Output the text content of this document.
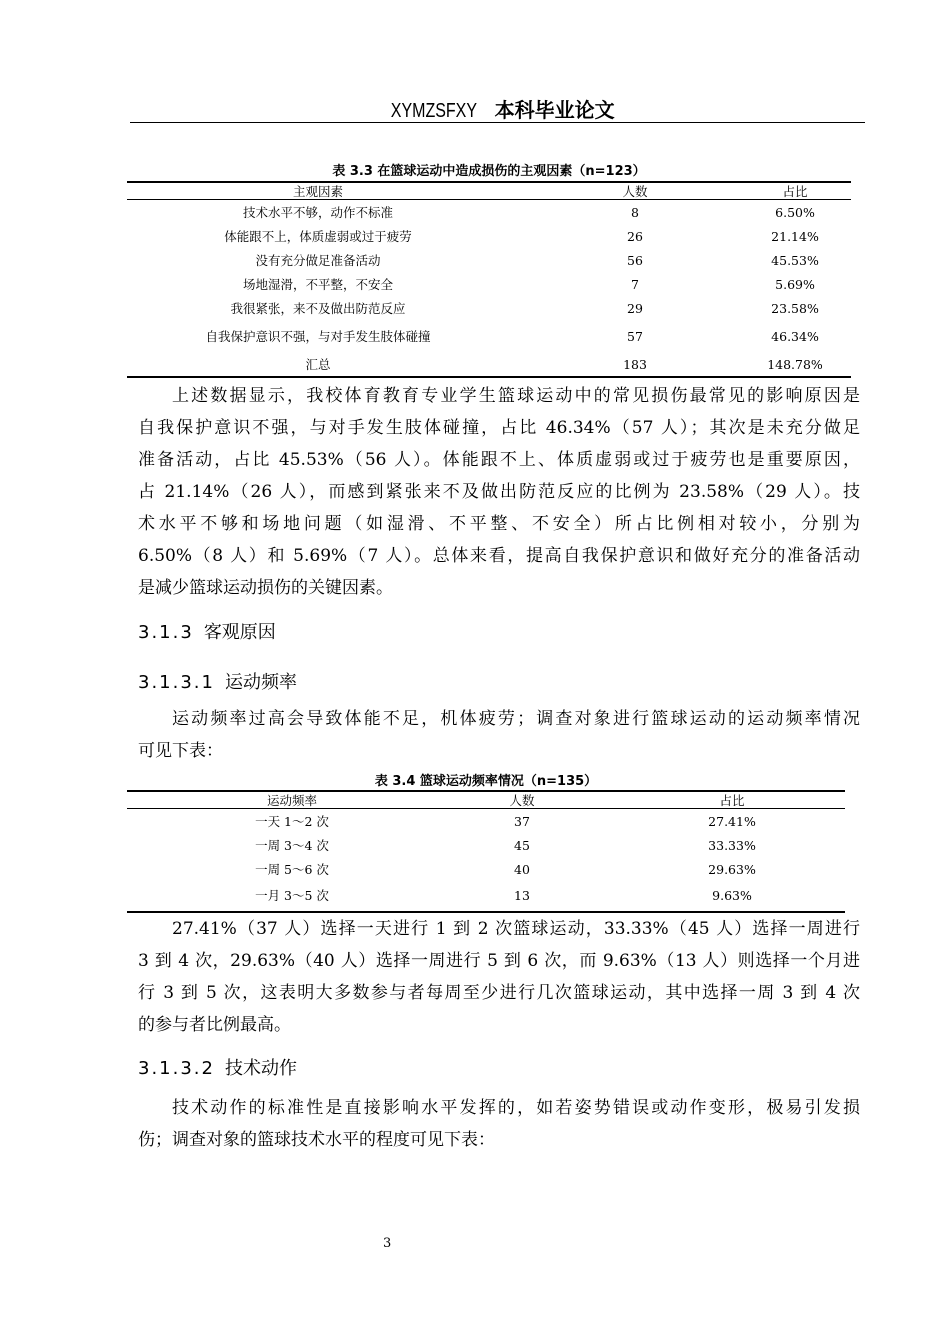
XYMZSFXY 本科毕业论文
表 3.3 在篮球运动中造成损伤的主观因素（n=123）
主观因素	人数	占比
技术水平不够，动作不标准	8	6.50%
体能跟不上，体质虚弱或过于疲劳	26	21.14%
没有充分做足准备活动	56	45.53%
场地湿滑，不平整，不安全	7	5.69%
我很紧张，来不及做出防范反应	29	23.58%
自我保护意识不强，与对手发生肢体碰撞	57	46.34%
汇总	183	148.78%
上述数据显示，我校体育教育专业学生篮球运动中的常见损伤最常见的影响原因是
自我保护意识不强，与对手发生肢体碰撞，占比 46.34%（57 人）；其次是未充分做足
准备活动，占比 45.53%（56 人）。体能跟不上、体质虚弱或过于疲劳也是重要原因，
占 21.14%（26 人），而感到紧张来不及做出防范反应的比例为 23.58%（29 人）。技
术水平不够和场地问题（如湿滑、不平整、不安全）所占比例相对较小，分别为
6.50%（8 人）和 5.69%（7 人）。总体来看，提高自我保护意识和做好充分的准备活动
是减少篮球运动损伤的关键因素。
3.1.3 客观原因
3.1.3.1 运动频率
运动频率过高会导致体能不足，机体疲劳；调查对象进行篮球运动的运动频率情况
可见下表：
表 3.4 篮球运动频率情况（n=135）
运动频率	人数	占比
一天 1～2 次	37	27.41%
一周 3～4 次	45	33.33%
一周 5～6 次	40	29.63%
一月 3～5 次	13	9.63%
27.41%（37 人）选择一天进行 1 到 2 次篮球运动，33.33%（45 人）选择一周进行
3 到 4 次，29.63%（40 人）选择一周进行 5 到 6 次，而 9.63%（13 人）则选择一个月进
行 3 到 5 次，这表明大多数参与者每周至少进行几次篮球运动，其中选择一周 3 到 4 次
的参与者比例最高。
3.1.3.2 技术动作
技术动作的标准性是直接影响水平发挥的，如若姿势错误或动作变形，极易引发损
伤；调查对象的篮球技术水平的程度可见下表：
3
